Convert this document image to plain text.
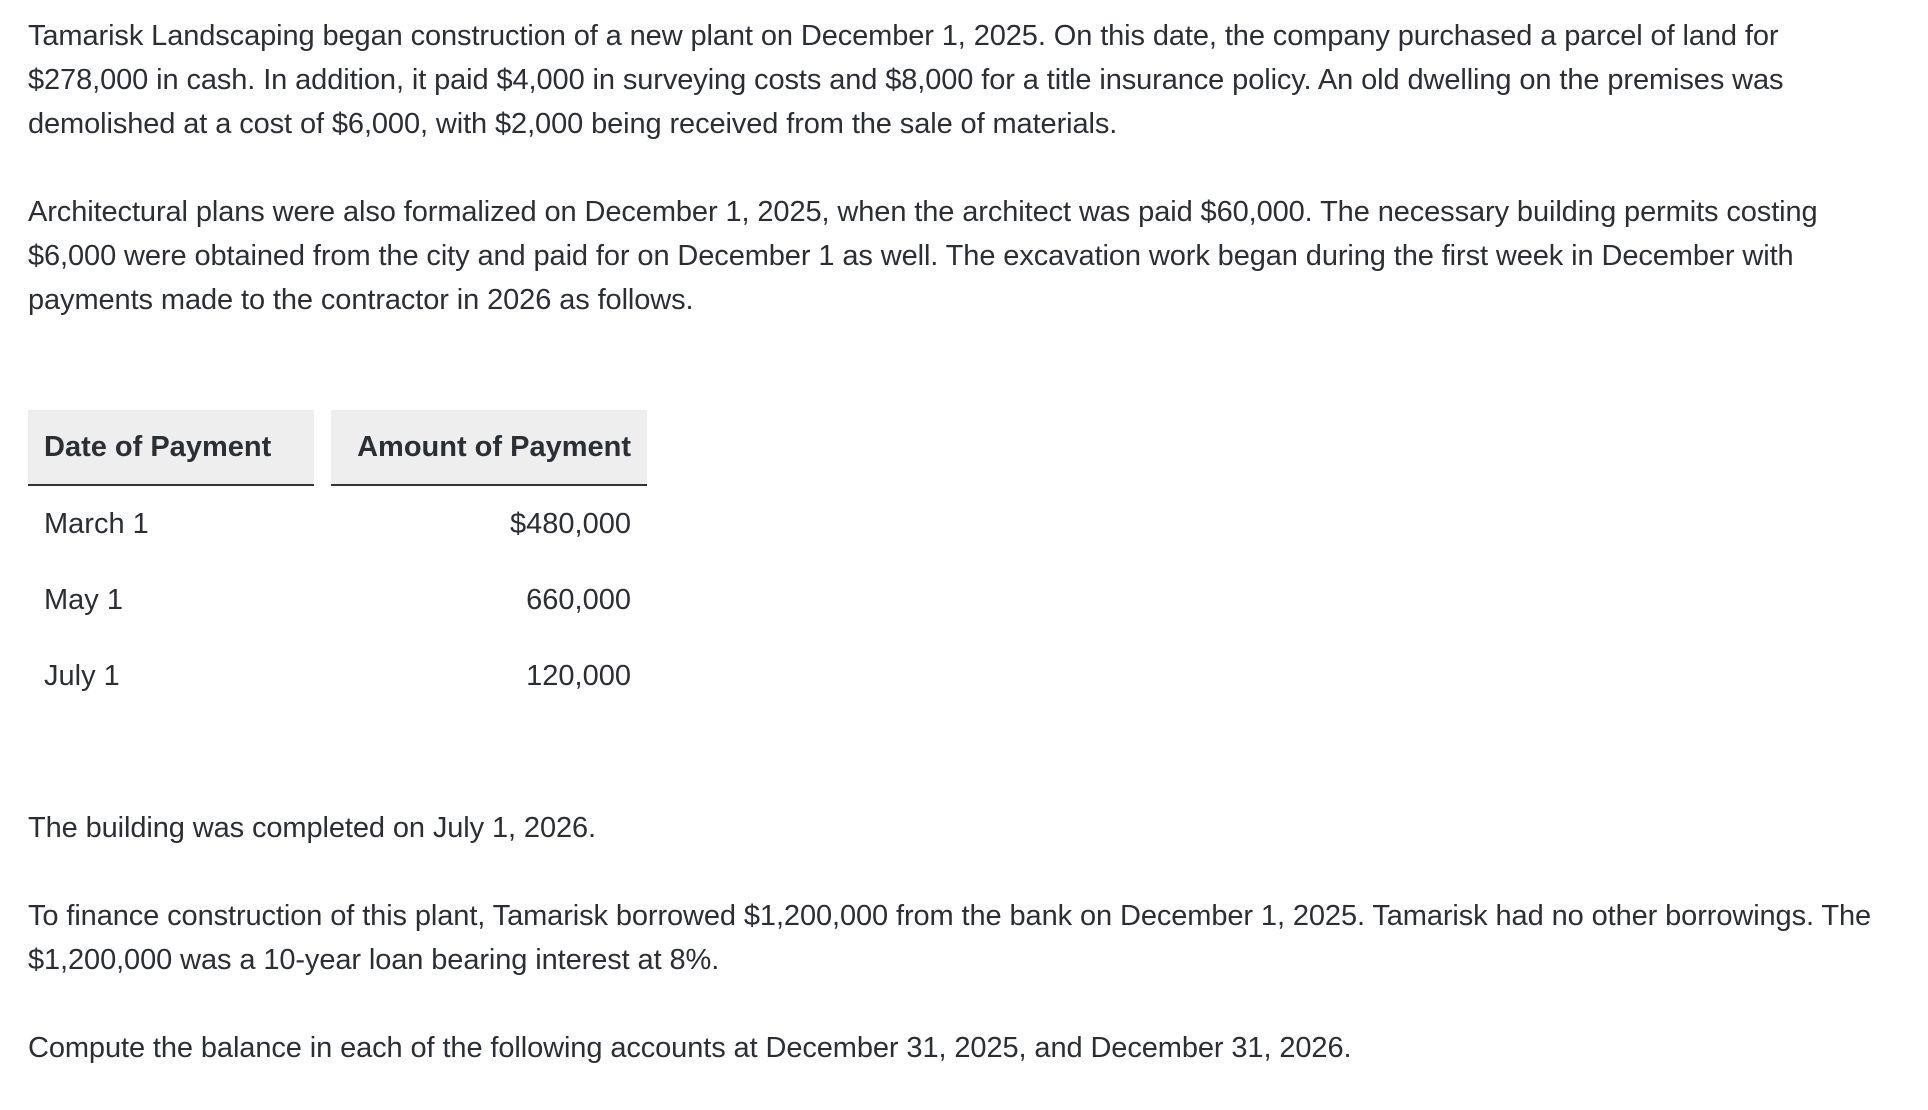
Tamarisk Landscaping began construction of a new plant on December 1, 2025. On this date, the company purchased a parcel of land for $278,000 in cash. In addition, it paid $4,000 in surveying costs and $8,000 for a title insurance policy. An old dwelling on the premises was demolished at a cost of $6,000, with $2,000 being received from the sale of materials.

Architectural plans were also formalized on December 1, 2025, when the architect was paid $60,000. The necessary building permits costing $6,000 were obtained from the city and paid for on December 1 as well. The excavation work began during the first week in December with payments made to the contractor in 2026 as follows.

Date of Payment	Amount of Payment
March 1	$480,000
May 1	660,000
July 1	120,000

The building was completed on July 1, 2026.

To finance construction of this plant, Tamarisk borrowed $1,200,000 from the bank on December 1, 2025. Tamarisk had no other borrowings. The $1,200,000 was a 10-year loan bearing interest at 8%.

Compute the balance in each of the following accounts at December 31, 2025, and December 31, 2026.
